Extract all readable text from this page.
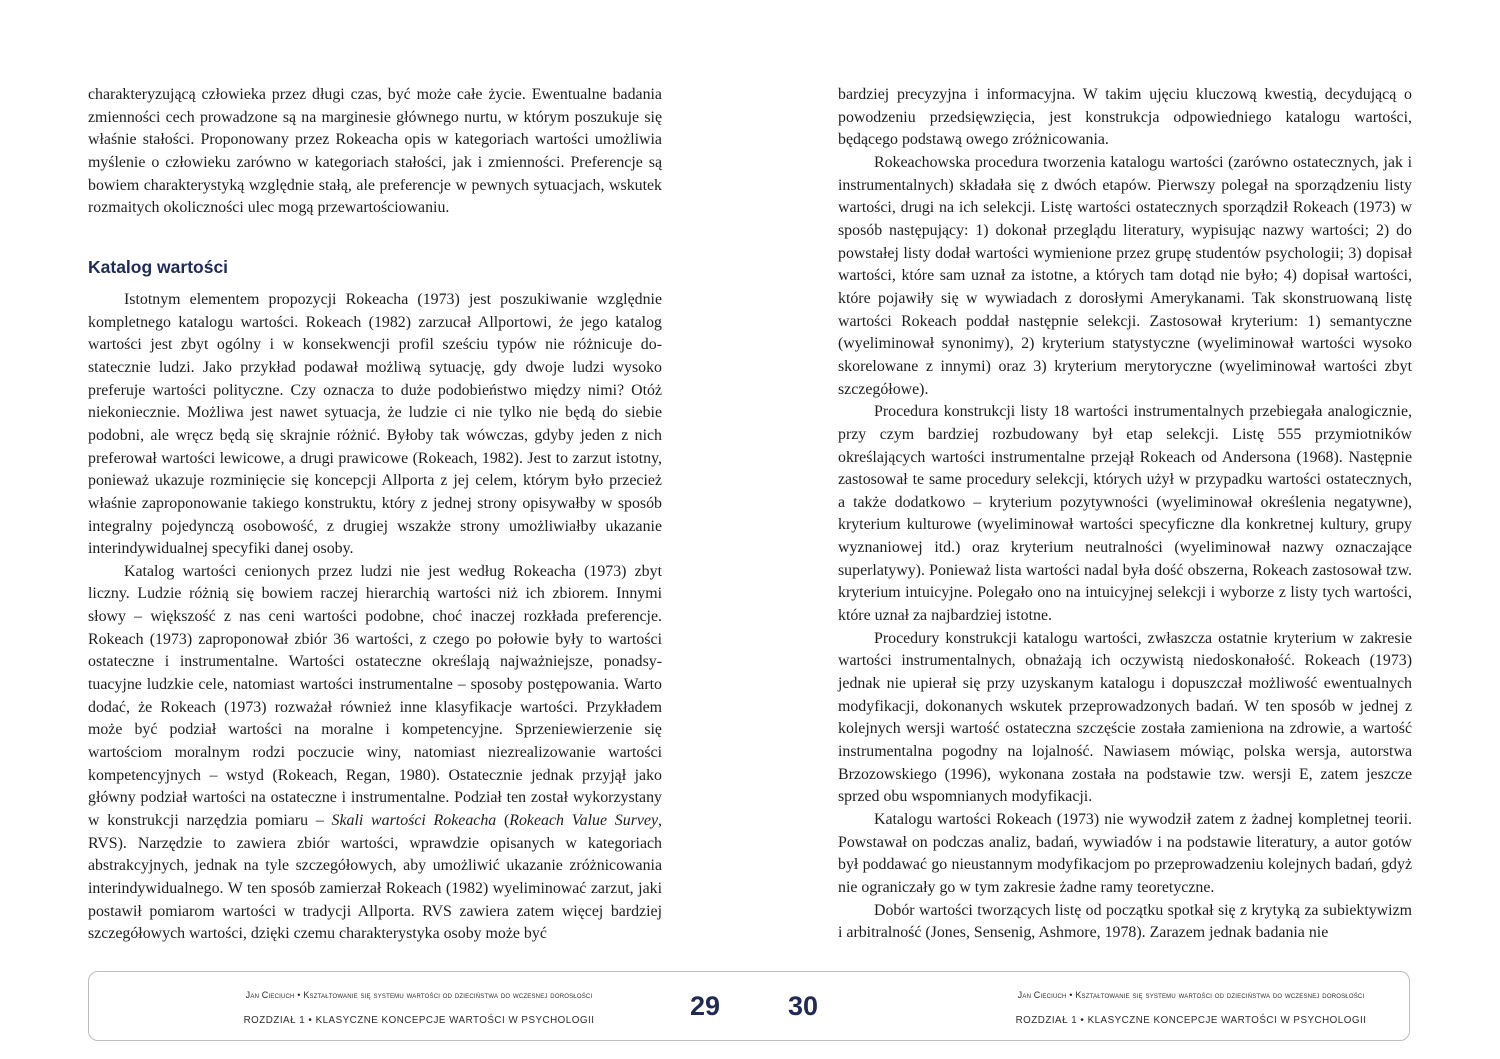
charakteryzującą człowieka przez długi czas, być może całe życie. Ewentualne badania zmienności cech prowadzone są na marginesie głównego nurtu, w którym poszukuje się właśnie stałości. Proponowany przez Rokeacha opis w kategoriach wartości umożliwia myślenie o człowieku zarówno w kategoriach stałości, jak i zmienności. Preferencje są bowiem charakterystyką względnie stałą, ale preferencje w pewnych sytuacjach, wskutek rozmaitych okoliczności ulec mogą przewartościowaniu.

Katalog wartości

Istotnym elementem propozycji Rokeacha (1973) jest poszukiwanie względnie kompletnego katalogu wartości. Rokeach (1982) zarzucał Allportowi, że jego katalog wartości jest zbyt ogólny i w konsekwencji profil sześciu typów nie różnicuje dostatecznie ludzi. Jako przykład podawał możliwą sytuację, gdy dwoje ludzi wysoko preferuje wartości polityczne. Czy oznacza to duże podobieństwo między nimi? Otóż niekoniecznie. Możliwa jest nawet sytuacja, że ludzie ci nie tylko nie będą do siebie podobni, ale wręcz będą się skrajnie różnić. Byłoby tak wówczas, gdyby jeden z nich preferował wartości lewicowe, a drugi prawicowe (Rokeach, 1982). Jest to zarzut istotny, ponieważ ukazuje rozminięcie się koncepcji Allporta z jej celem, którym było przecież właśnie zaproponowanie takiego konstruktu, który z jednej strony opisywałby w sposób integralny pojedynczą osobowość, z drugiej wszakże strony umożliwiałby ukazanie interindywidualnej specyfiki danej osoby.

Katalog wartości cenionych przez ludzi nie jest według Rokeacha (1973) zbyt liczny. Ludzie różnią się bowiem raczej hierarchią wartości niż ich zbiorem. Innymi słowy – większość z nas ceni wartości podobne, choć inaczej rozkłada preferencje. Rokeach (1973) zaproponował zbiór 36 wartości, z czego po połowie były to wartości ostateczne i instrumentalne. Wartości ostateczne określają najważniejsze, ponadsytuacyjne ludzkie cele, natomiast wartości instrumentalne – sposoby postępowania. Warto dodać, że Rokeach (1973) rozważał również inne klasyfikacje wartości. Przykładem może być podział wartości na moralne i kompetencyjne. Sprzeniewierzenie się wartościom moralnym rodzi poczucie winy, natomiast niezrealizowanie wartości kompetencyjnych – wstyd (Rokeach, Regan, 1980). Ostatecznie jednak przyjął jako główny podział wartości na ostateczne i instrumentalne. Podział ten został wykorzystany w konstrukcji narzędzia pomiaru – Skali wartości Rokeacha (Rokeach Value Survey, RVS). Narzędzie to zawiera zbiór wartości, wprawdzie opisanych w kategoriach abstrakcyjnych, jednak na tyle szczegółowych, aby umożliwić ukazanie zróżnicowania interindywidualnego. W ten sposób zamierzał Rokeach (1982) wyeliminować zarzut, jaki postawił pomiarom wartości w tradycji Allporta. RVS zawiera zatem więcej bardziej szczegółowych wartości, dzięki czemu charakterystyka osoby może być

bardziej precyzyjna i informacyjna. W takim ujęciu kluczową kwestią, decydującą o powodzeniu przedsięwzięcia, jest konstrukcja odpowiedniego katalogu wartości, będącego podstawą owego zróżnicowania.

Rokeachowska procedura tworzenia katalogu wartości (zarówno ostatecznych, jak i instrumentalnych) składała się z dwóch etapów. Pierwszy polegał na sporządzeniu listy wartości, drugi na ich selekcji. Listę wartości ostatecznych sporządził Rokeach (1973) w sposób następujący: 1) dokonał przeglądu literatury, wypisując nazwy wartości; 2) do powstałej listy dodał wartości wymienione przez grupę studentów psychologii; 3) dopisał wartości, które sam uznał za istotne, a których tam dotąd nie było; 4) dopisał wartości, które pojawiły się w wywiadach z dorosłymi Amerykanami. Tak skonstruowaną listę wartości Rokeach poddał następnie selekcji. Zastosował kryterium: 1) semantyczne (wyeliminował synonimy), 2) kryterium statystyczne (wyeliminował wartości wysoko skorelowane z innymi) oraz 3) kryterium merytoryczne (wyeliminował wartości zbyt szczegółowe).

Procedura konstrukcji listy 18 wartości instrumentalnych przebiegała analogicznie, przy czym bardziej rozbudowany był etap selekcji. Listę 555 przymiotników określających wartości instrumentalne przejął Rokeach od Andersona (1968). Następnie zastosował te same procedury selekcji, których użył w przypadku wartości ostatecznych, a także dodatkowo – kryterium pozytywności (wyeliminował określenia negatywne), kryterium kulturowe (wyeliminował wartości specyficzne dla konkretnej kultury, grupy wyznaniowej itd.) oraz kryterium neutralności (wyeliminował nazwy oznaczające superlatywy). Ponieważ lista wartości nadal była dość obszerna, Rokeach zastosował tzw. kryterium intuicyjne. Polegało ono na intuicyjnej selekcji i wyborze z listy tych wartości, które uznał za najbardziej istotne.

Procedury konstrukcji katalogu wartości, zwłaszcza ostatnie kryterium w zakresie wartości instrumentalnych, obnażają ich oczywistą niedoskonałość. Rokeach (1973) jednak nie upierał się przy uzyskanym katalogu i dopuszczał możliwość ewentualnych modyfikacji, dokonanych wskutek przeprowadzonych badań. W ten sposób w jednej z kolejnych wersji wartość ostateczna szczęście została zamieniona na zdrowie, a wartość instrumentalna pogodny na lojalność. Nawiasem mówiąc, polska wersja, autorstwa Brzozowskiego (1996), wykonana została na podstawie tzw. wersji E, zatem jeszcze sprzed obu wspomnianych modyfikacji.

Katalogu wartości Rokeach (1973) nie wywodził zatem z żadnej kompletnej teorii. Powstawał on podczas analiz, badań, wywiadów i na podstawie literatury, a autor gotów był poddawać go nieustannym modyfikacjom po przeprowadzeniu kolejnych badań, gdyż nie ograniczały go w tym zakresie żadne ramy teoretyczne.

Dobór wartości tworzących listę od początku spotkał się z krytyką za subiektywizm i arbitralność (Jones, Sensenig, Ashmore, 1978). Zarazem jednak badania nie

Jan Cieciuch • Kształtowanie się systemu wartości od dzieciństwa do wczesnej dorosłości
ROZDZIAŁ 1 • KLASYCZNE KONCEPCJE WARTOŚCI W PSYCHOLOGII	29	30	Jan Cieciuch • Kształtowanie się systemu wartości od dzieciństwa do wczesnej dorosłości
ROZDZIAŁ 1 • KLASYCZNE KONCEPCJE WARTOŚCI W PSYCHOLOGII
